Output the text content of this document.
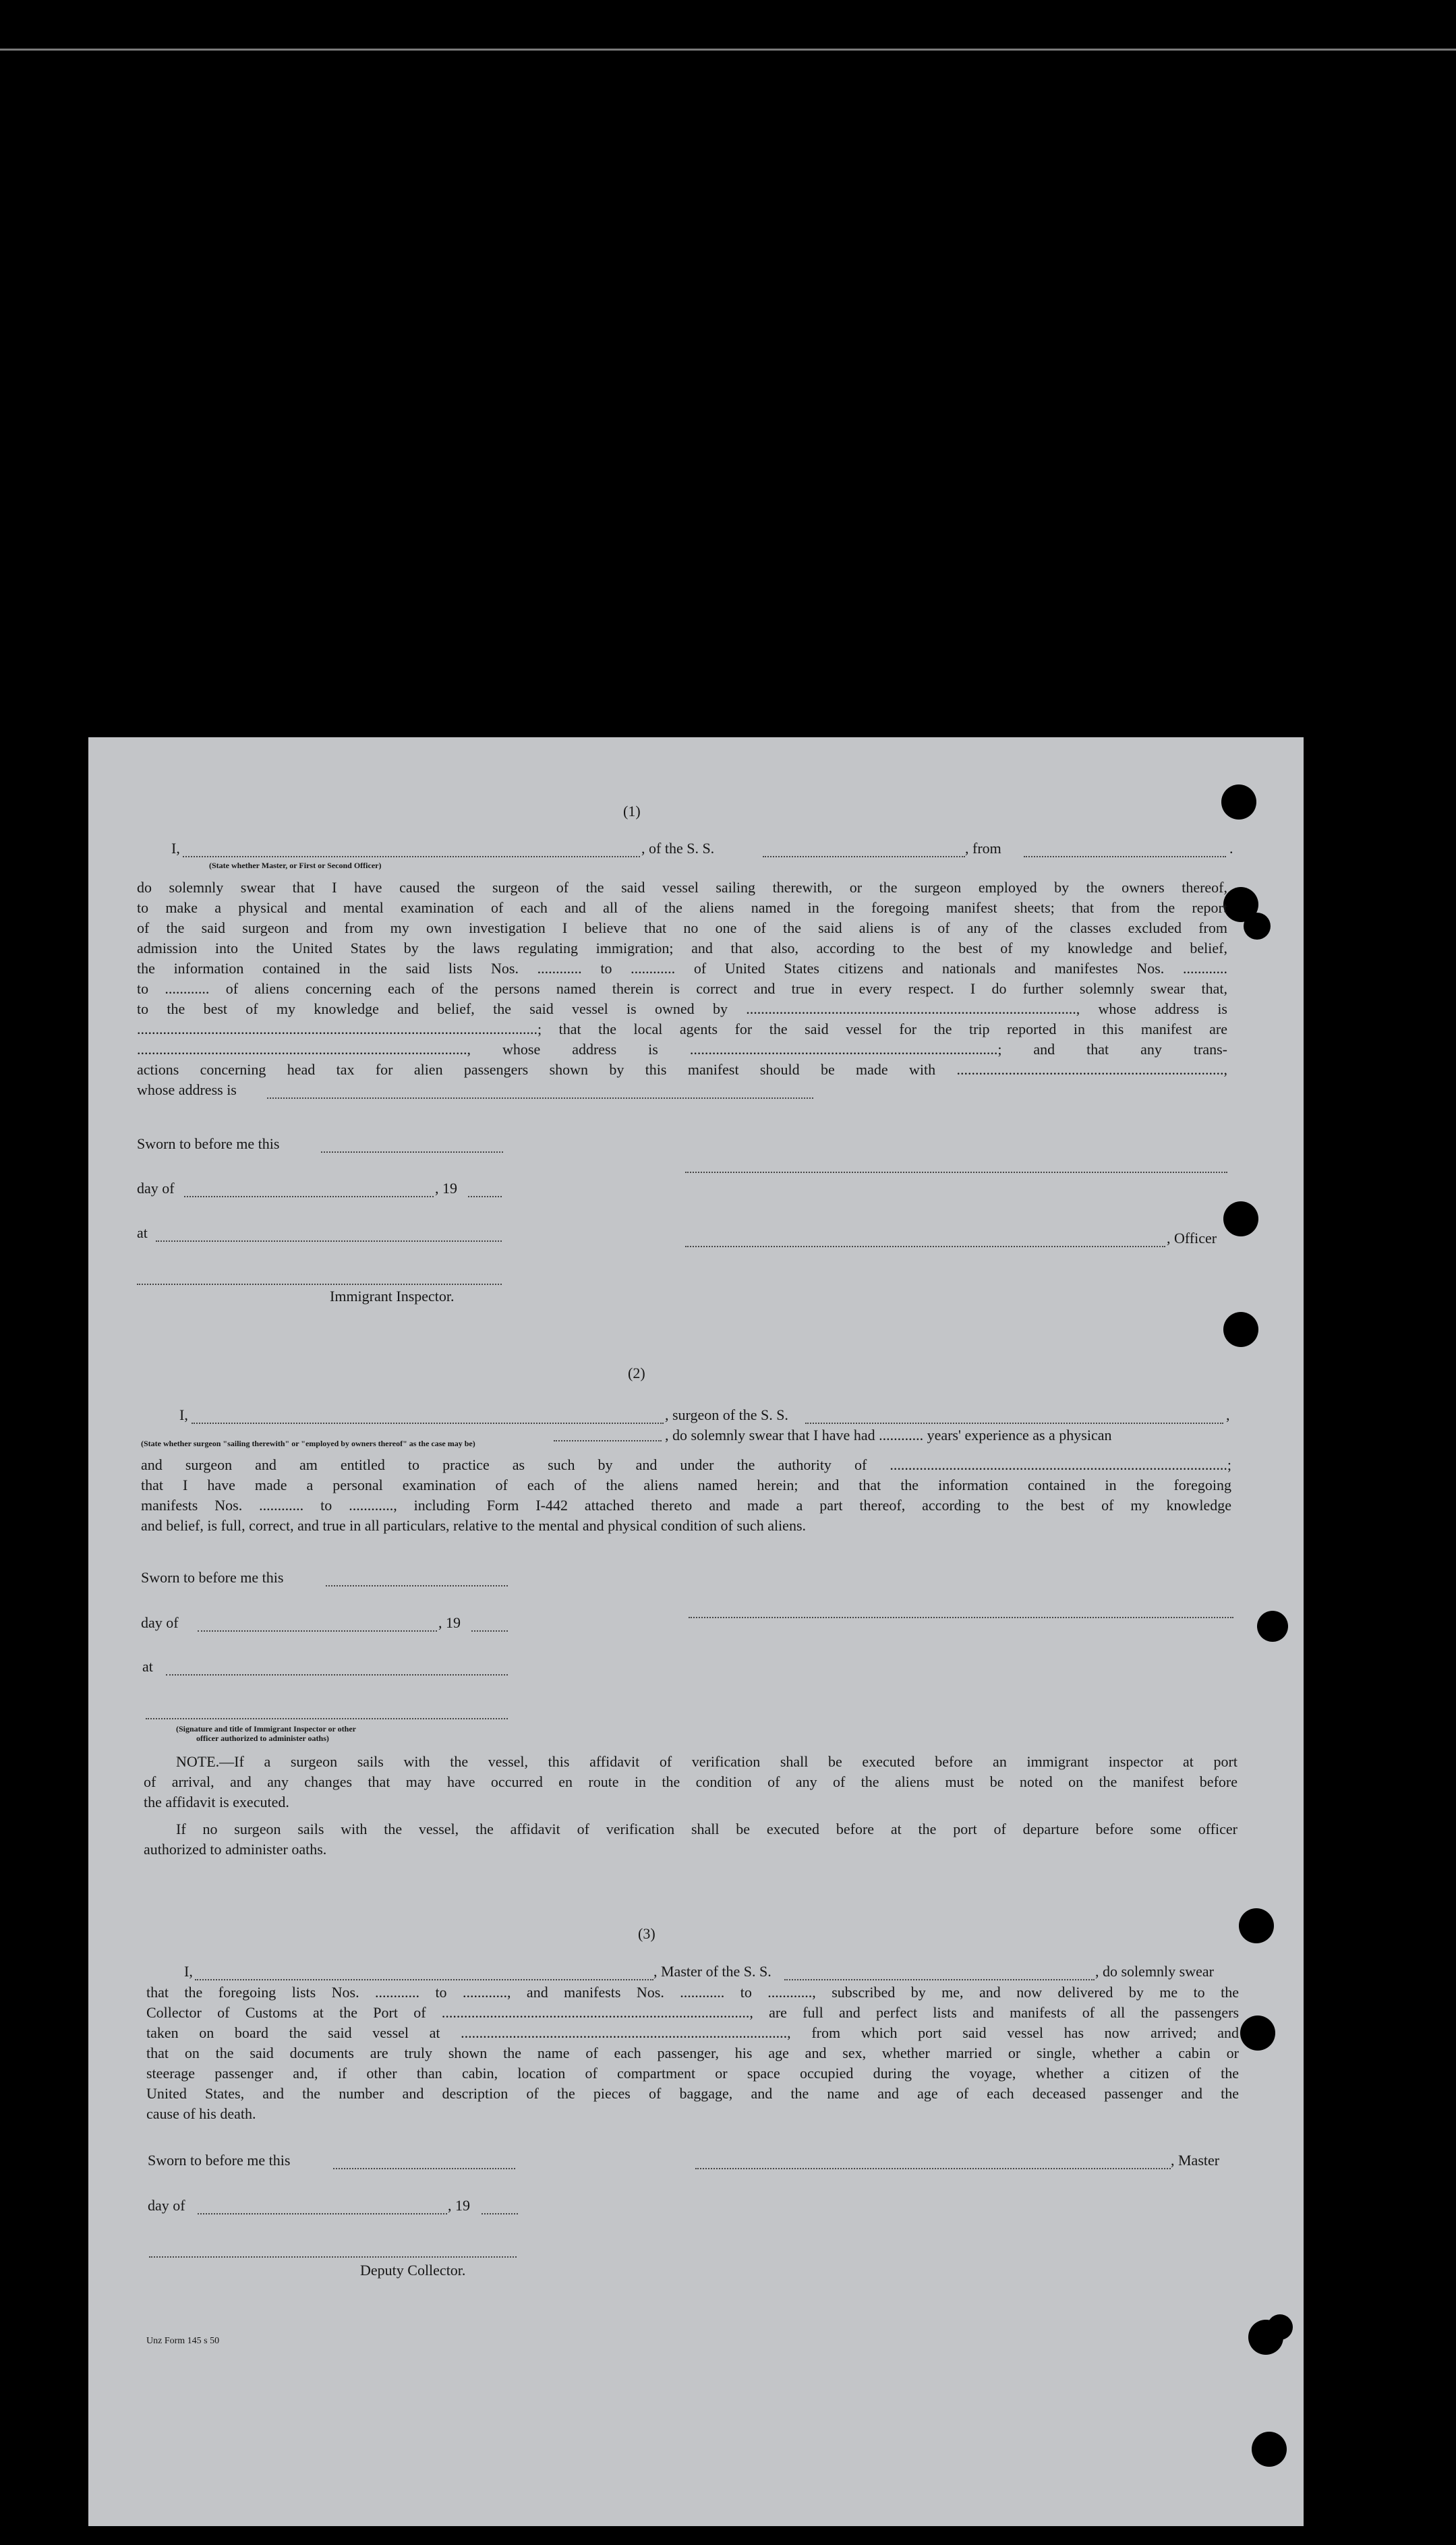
(1)
I,	, of the S. S.	, from	.
(State whether Master, or First or Second Officer)
do solemnly swear that I have caused the surgeon of the said vessel sailing therewith, or the surgeon employed by the owners thereof,
to make a physical and mental examination of each and all of the aliens named in the foregoing manifest sheets; that from the report
of the said surgeon and from my own investigation I believe that no one of the said aliens is of any of the classes excluded from
admission into the United States by the laws regulating immigration; and that also, according to the best of my knowledge and belief,
the information contained in the said lists Nos. ............ to ............ of United States citizens and nationals and manifestes Nos. ............
to ............ of aliens concerning each of the persons named therein is correct and true in every respect. I do further solemnly swear that,
to the best of my knowledge and belief, the said vessel is owned by ........................................................................................., whose address is
............................................................................................................; that the local agents for the said vessel for the trip reported in this manifest are
........................................................................................., whose address is ...................................................................................; and that any trans-
actions concerning head tax for alien passengers shown by this manifest should be made with ........................................................................,
whose address is
Sworn to before me this
day of	, 19
at	, Officer
Immigrant Inspector.
(2)
I,	, surgeon of the S. S.	,
(State whether surgeon "sailing therewith" or "employed by owners thereof" as the case may be)	, do solemnly swear that I have had ............ years' experience as a physican
and surgeon and am entitled to practice as such by and under the authority of ...........................................................................................;
that I have made a personal examination of each of the aliens named herein; and that the information contained in the foregoing
manifests Nos. ............ to ............, including Form I-442 attached thereto and made a part thereof, according to the best of my knowledge
and belief, is full, correct, and true in all particulars, relative to the mental and physical condition of such aliens.
Sworn to before me this
day of	, 19
at
(Signature and title of Immigrant Inspector or other
officer authorized to administer oaths)
NOTE.—If a surgeon sails with the vessel, this affidavit of verification shall be executed before an immigrant inspector at port
of arrival, and any changes that may have occurred en route in the condition of any of the aliens must be noted on the manifest before
the affidavit is executed.
If no surgeon sails with the vessel, the affidavit of verification shall be executed before at the port of departure before some officer
authorized to administer oaths.
(3)
I,	, Master of the S. S.	, do solemnly swear
that the foregoing lists Nos. ............ to ............, and manifests Nos. ............ to ............, subscribed by me, and now delivered by me to the
Collector of Customs at the Port of ..................................................................................., are full and perfect lists and manifests of all the passengers
taken on board the said vessel at ........................................................................................, from which port said vessel has now arrived; and
that on the said documents are truly shown the name of each passenger, his age and sex, whether married or single, whether a cabin or
steerage passenger and, if other than cabin, location of compartment or space occupied during the voyage, whether a citizen of the
United States, and the number and description of the pieces of baggage, and the name and age of each deceased passenger and the
cause of his death.
Sworn to before me this	, Master
day of	, 19
Deputy Collector.
Unz Form 145 s 50
